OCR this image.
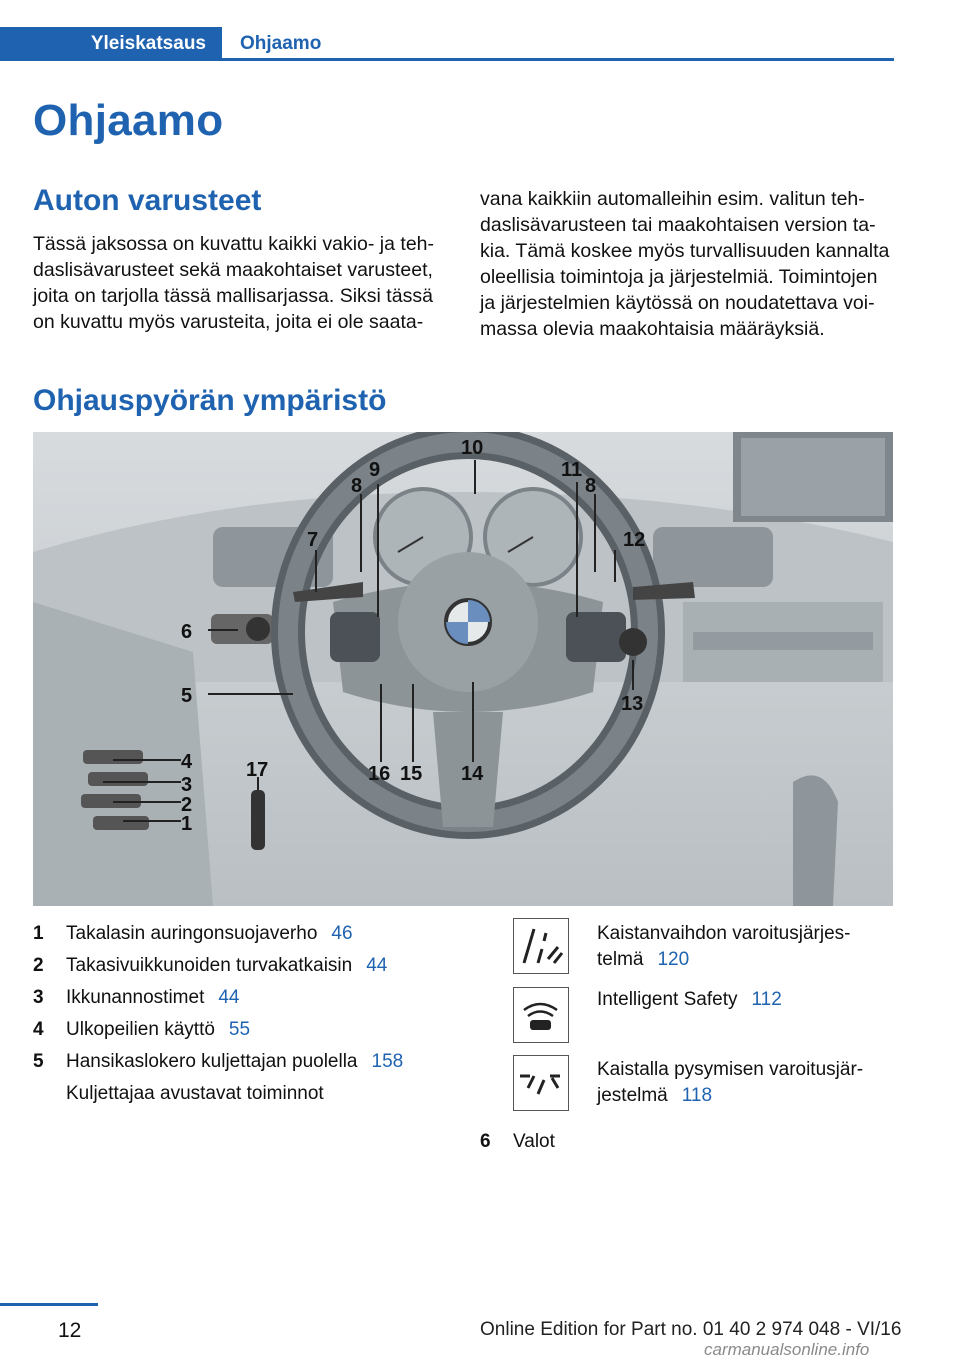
Yleiskatsaus	Ohjaamo
Ohjaamo
Auton varusteet

Tässä jaksossa on kuvattu kaikki vakio- ja tehdaslisävarusteet sekä maakohtaiset varusteet, joita on tarjolla tässä mallisarjassa. Siksi tässä on kuvattu myös varusteita, joita ei ole saata-

vana kaikkiin automalleihin esim. valitun tehdaslisävarusteen tai maakohtaisen version takia. Tämä koskee myös turvallisuuden kannalta oleellisia toimintoja ja järjestelmiä. Toimintojen ja järjestelmien käytössä on noudatettava voimassa olevia maakohtaisia määräyksiä.

Ohjauspyörän ympäristö
1
2
3
4
5
6
7
8
9
10
11
8
12
13
14
15
16
17
1 Takalasin auringonsuojaverho 46
2 Takasivuikkunoiden turvakatkaisin 44
3 Ikkunannostimet 44
4 Ulkopeilien käyttö 55
5 Hansikaslokero kuljettajan puolella 158
Kuljettajaa avustavat toiminnot
Kaistanvaihdon varoitusjärjestelmä 120
Intelligent Safety 112
Kaistalla pysymisen varoitusjärjestelmä 118
6 Valot
12	Online Edition for Part no. 01 40 2 974 048 - VI/16
carmanualsonline.info
